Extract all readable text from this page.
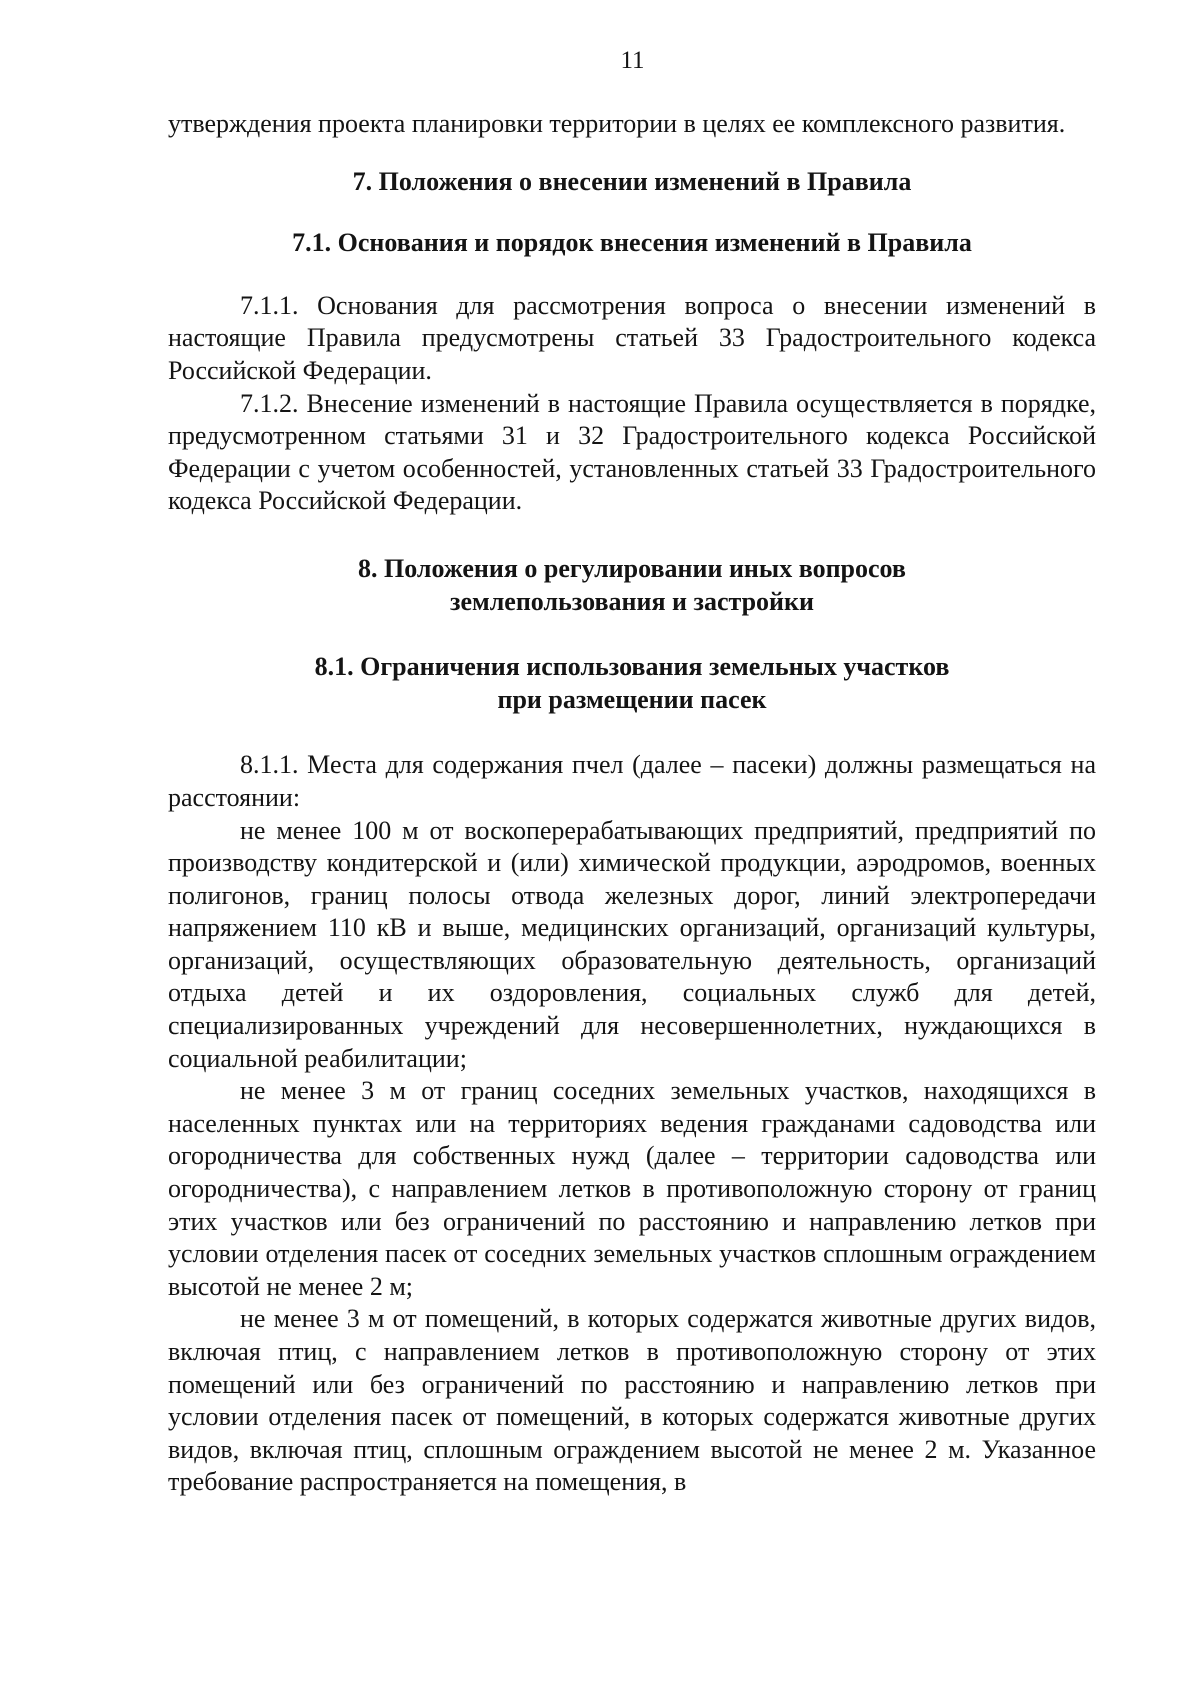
11

утверждения проекта планировки территории в целях ее комплексного развития.

7. Положения о внесении изменений в Правила
7.1. Основания и порядок внесения изменений в Правила

7.1.1. Основания для рассмотрения вопроса о внесении изменений в настоящие Правила предусмотрены статьей 33 Градостроительного кодекса Российской Федерации.

7.1.2. Внесение изменений в настоящие Правила осуществляется в порядке, предусмотренном статьями 31 и 32 Градостроительного кодекса Российской Федерации с учетом особенностей, установленных статьей 33 Градостроительного кодекса Российской Федерации.

8. Положения о регулировании иных вопросов
землепользования и застройки
8.1. Ограничения использования земельных участков
при размещении пасек

8.1.1. Места для содержания пчел (далее – пасеки) должны размещаться на расстоянии:

не менее 100 м от воскоперерабатывающих предприятий, предприятий по производству кондитерской и (или) химической продукции, аэродромов, военных полигонов, границ полосы отвода железных дорог, линий электропередачи напряжением 110 кВ и выше, медицинских организаций, организаций культуры, организаций, осуществляющих образовательную деятельность, организаций отдыха детей и их оздоровления, социальных служб для детей, специализированных учреждений для несовершеннолетних, нуждающихся в социальной реабилитации;

не менее 3 м от границ соседних земельных участков, находящихся в населенных пунктах или на территориях ведения гражданами садоводства или огородничества для собственных нужд (далее – территории садоводства или огородничества), с направлением летков в противоположную сторону от границ этих участков или без ограничений по расстоянию и направлению летков при условии отделения пасек от соседних земельных участков сплошным ограждением высотой не менее 2 м;

не менее 3 м от помещений, в которых содержатся животные других видов, включая птиц, с направлением летков в противоположную сторону от этих помещений или без ограничений по расстоянию и направлению летков при условии отделения пасек от помещений, в которых содержатся животные других видов, включая птиц, сплошным ограждением высотой не менее 2 м. Указанное требование распространяется на помещения, в
